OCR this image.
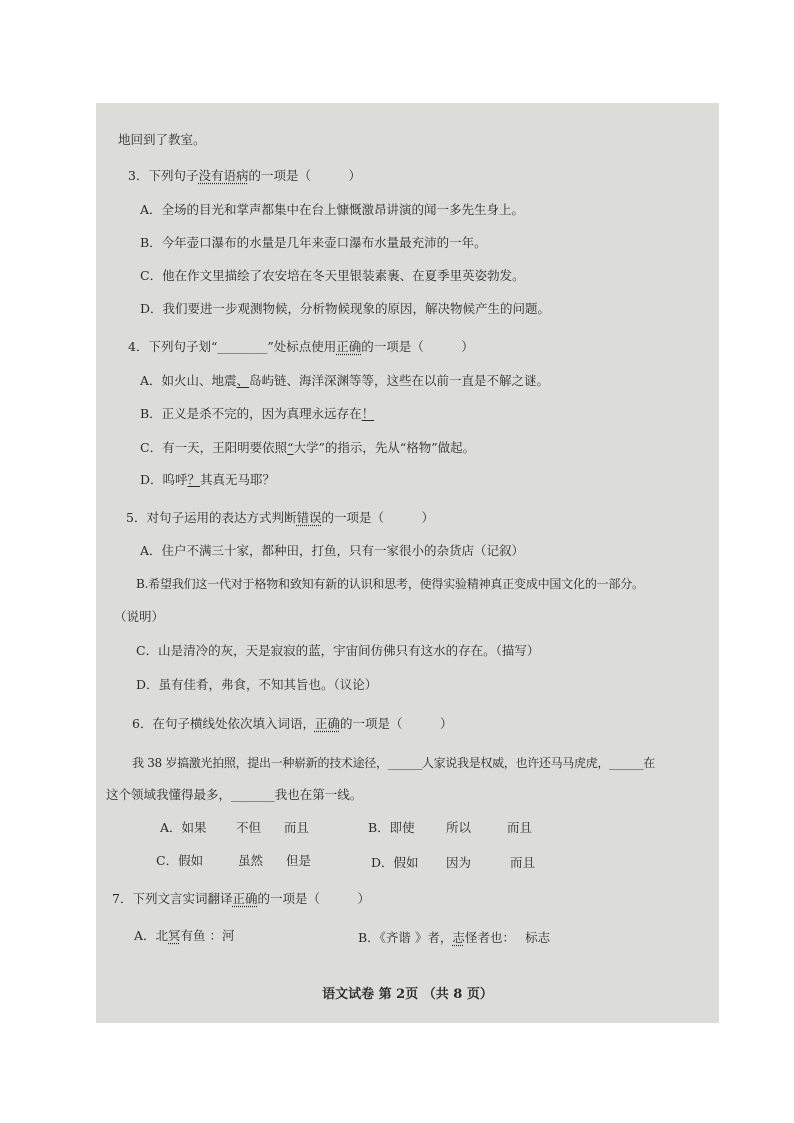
地回到了教室。
3．下列句子没有语病的一项是（　　　）
A．全场的目光和掌声都集中在台上慷慨激昂讲演的闻一多先生身上。
B．今年壶口瀑布的水量是几年来壶口瀑布水量最充沛的一年。
C．他在作文里描绘了农安培在冬天里银装素裹、在夏季里英姿勃发。
D．我们要进一步观测物候，分析物候现象的原因，解决物候产生的问题。
4．下列句子划“________”处标点使用正确的一项是（　　　）
A．如火山、地震、岛屿链、海洋深渊等等，这些在以前一直是不解之谜。
B．正义是杀不完的，因为真理永远存在！
C．有一天，王阳明要依照“大学”的指示，先从“格物”做起。
D．呜呼？其真无马耶？
5．对句子运用的表达方式判断错误的一项是（　　　）
A．住户不满三十家，都种田，打鱼，只有一家很小的杂货店（记叙）
B.希望我们这一代对于格物和致知有新的认识和思考，使得实验精神真正变成中国文化的一部分。
（说明）
C．山是清冷的灰，天是寂寂的蓝，宇宙间仿佛只有这水的存在。（描写）
D．虽有佳肴，弗食，不知其旨也。（议论）
6．在句子横线处依次填入词语，正确的一项是（　　　）
我 38 岁搞激光拍照，提出一种崭新的技术途径，______人家说我是权威，也许还马马虎虎，______在
这个领域我懂得最多，_______我也在第一线。
A．如果 不但 而且	B．即使	所以	而且
C．假如	虽然 但是	D．假如 因为	而且
7．下列文言实词翻译正确的一项是（　　　）
A．北冥有鱼 ：河	B．《齐谐 》者，志怪者也：　 标志
语文试卷 第 2页 （共 8 页）
